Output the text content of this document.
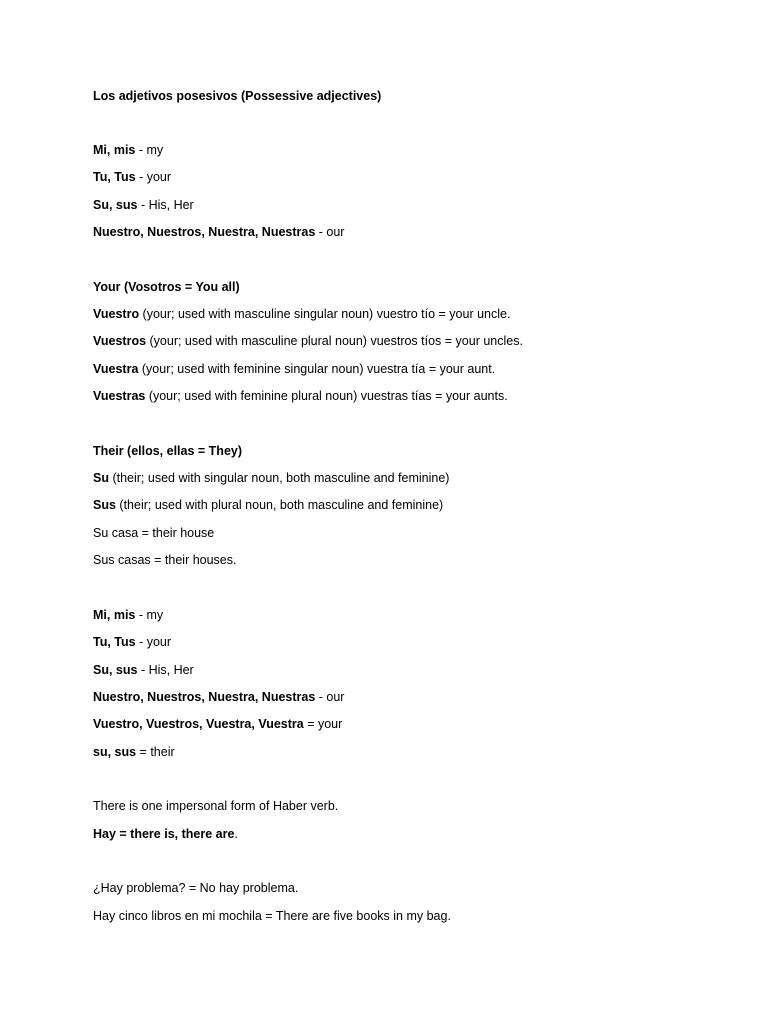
Los adjetivos posesivos (Possessive adjectives)
Mi, mis - my
Tu, Tus - your
Su, sus - His, Her
Nuestro, Nuestros, Nuestra, Nuestras - our
Your (Vosotros = You all)
Vuestro (your; used with masculine singular noun) vuestro tío = your uncle.
Vuestros (your; used with masculine plural noun) vuestros tíos = your uncles.
Vuestra (your; used with feminine singular noun) vuestra tía = your aunt.
Vuestras (your; used with feminine plural noun) vuestras tías = your aunts.
Their (ellos, ellas = They)
Su (their; used with singular noun, both masculine and feminine)
Sus (their; used with plural noun, both masculine and feminine)
Su casa = their house
Sus casas = their houses.
Mi, mis - my
Tu, Tus - your
Su, sus - His, Her
Nuestro, Nuestros, Nuestra, Nuestras - our
Vuestro, Vuestros, Vuestra, Vuestra = your
su, sus = their
There is one impersonal form of Haber verb.
Hay = there is, there are.
¿Hay problema? = No hay problema.
Hay cinco libros en mi mochila = There are five books in my bag.
